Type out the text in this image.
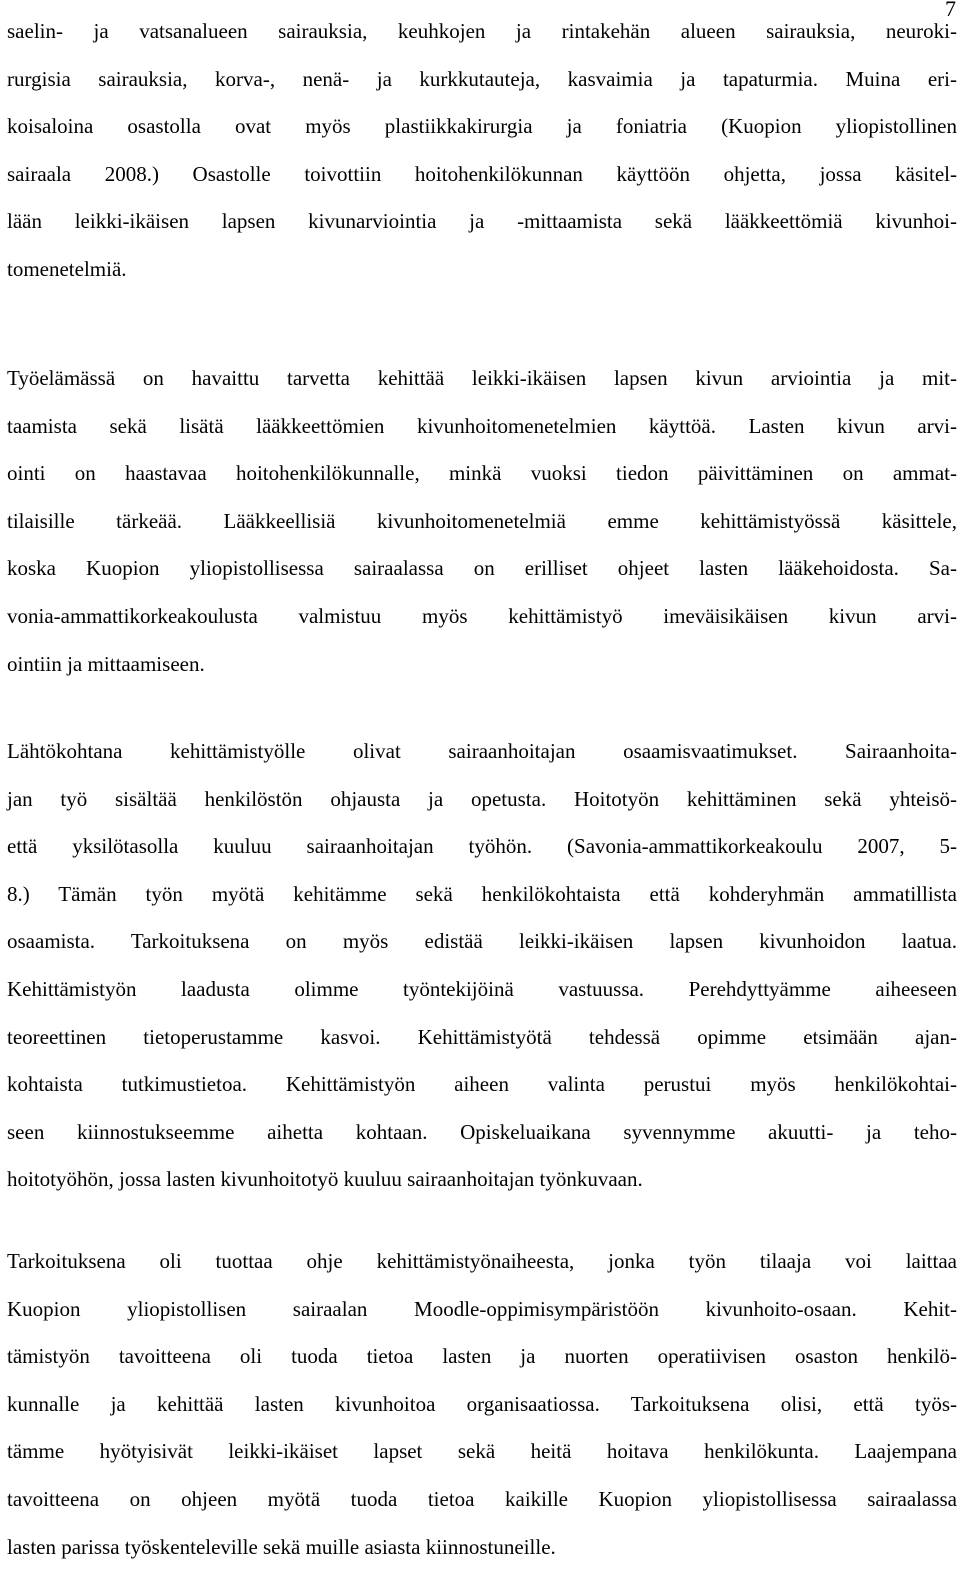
7
saelin- ja vatsanalueen sairauksia, keuhkojen ja rintakehän alueen sairauksia, neuroki-
rurgisia sairauksia, korva-, nenä- ja kurkkutauteja, kasvaimia ja tapaturmia. Muina eri-
koisaloina osastolla ovat myös plastiikkakirurgia ja foniatria (Kuopion yliopistollinen
sairaala 2008.) Osastolle toivottiin hoitohenkilökunnan käyttöön ohjetta, jossa käsitel-
lään leikki-ikäisen lapsen kivunarviointia ja -mittaamista sekä lääkkeettömiä kivunhoi-
tomenetelmiä.
Työelämässä on havaittu tarvetta kehittää leikki-ikäisen lapsen kivun arviointia ja mit-
taamista sekä lisätä lääkkeettömien kivunhoitomenetelmien käyttöä. Lasten kivun arvi-
ointi on haastavaa hoitohenkilökunnalle, minkä vuoksi tiedon päivittäminen on ammat-
tilaisille tärkeää. Lääkkeellisiä kivunhoitomenetelmiä emme kehittämistyössä käsittele,
koska Kuopion yliopistollisessa sairaalassa on erilliset ohjeet lasten lääkehoidosta. Sa-
vonia-ammattikorkeakoulusta valmistuu myös kehittämistyö imeväisikäisen kivun arvi-
ointiin ja mittaamiseen.
Lähtökohtana kehittämistyölle olivat sairaanhoitajan osaamisvaatimukset. Sairaanhoita-
jan työ sisältää henkilöstön ohjausta ja opetusta. Hoitotyön kehittäminen sekä yhteisö-
että yksilötasolla kuuluu sairaanhoitajan työhön. (Savonia-ammattikorkeakoulu 2007, 5-
8.) Tämän työn myötä kehitämme sekä henkilökohtaista että kohderyhmän ammatillista
osaamista. Tarkoituksena on myös edistää leikki-ikäisen lapsen kivunhoidon laatua.
Kehittämistyön laadusta olimme työntekijöinä vastuussa. Perehdyttyämme aiheeseen
teoreettinen tietoperustamme kasvoi. Kehittämistyötä tehdessä opimme etsimään ajan-
kohtaista tutkimustietoa. Kehittämistyön aiheen valinta perustui myös henkilökohtai-
seen kiinnostukseemme aihetta kohtaan. Opiskeluaikana syvennymme akuutti- ja teho-
hoitotyöhön, jossa lasten kivunhoitotyö kuuluu sairaanhoitajan työnkuvaan.
Tarkoituksena oli tuottaa ohje kehittämistyönaiheesta, jonka työn tilaaja voi laittaa
Kuopion yliopistollisen sairaalan Moodle-oppimisympäristöön kivunhoito-osaan. Kehit-
tämistyön tavoitteena oli tuoda tietoa lasten ja nuorten operatiivisen osaston henkilö-
kunnalle ja kehittää lasten kivunhoitoa organisaatiossa. Tarkoituksena olisi, että työs-
tämme hyötyisivät leikki-ikäiset lapset sekä heitä hoitava henkilökunta. Laajempana
tavoitteena on ohjeen myötä tuoda tietoa kaikille Kuopion yliopistollisessa sairaalassa
lasten parissa työskenteleville sekä muille asiasta kiinnostuneille.
